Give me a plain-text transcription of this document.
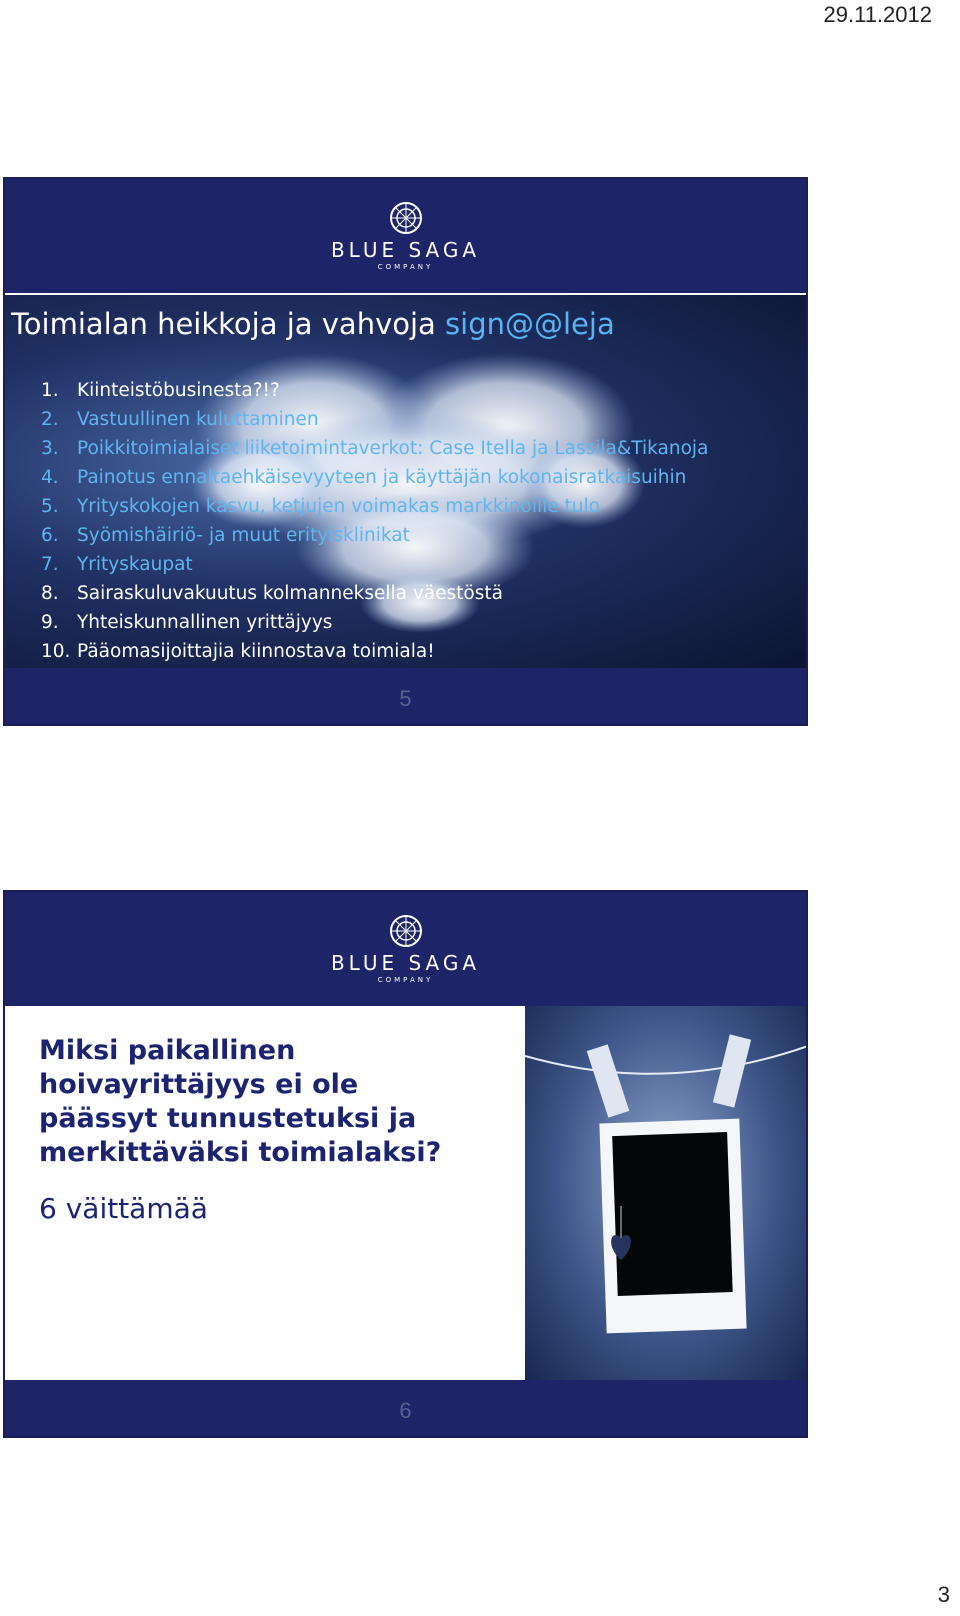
29.11.2012
BLUE SAGA
COMPANY
Toimialan heikkoja ja vahvoja sign@@leja
1. Kiinteistöbusinesta?!?
2. Vastuullinen kuluttaminen
3. Poikkitoimialaiset liiketoimintaverkot: Case Itella ja Lassila&Tikanoja
4. Painotus ennaltaehkäisevyyteen ja käyttäjän kokonaisratkaisuihin
5. Yrityskokojen kasvu, ketjujen voimakas markkinoille tulo
6. Syömishäiriö- ja muut erityisklinikat
7. Yrityskaupat
8. Sairaskuluvakuutus kolmanneksella väestöstä
9. Yhteiskunnallinen yrittäjyys
10. Pääomasijoittajia kiinnostava toimiala!
5
BLUE SAGA
COMPANY
Miksi paikallinen hoivayrittäjyys ei ole päässyt tunnustetuksi ja merkittäväksi toimialaksi?
6 väittämää
6
3
